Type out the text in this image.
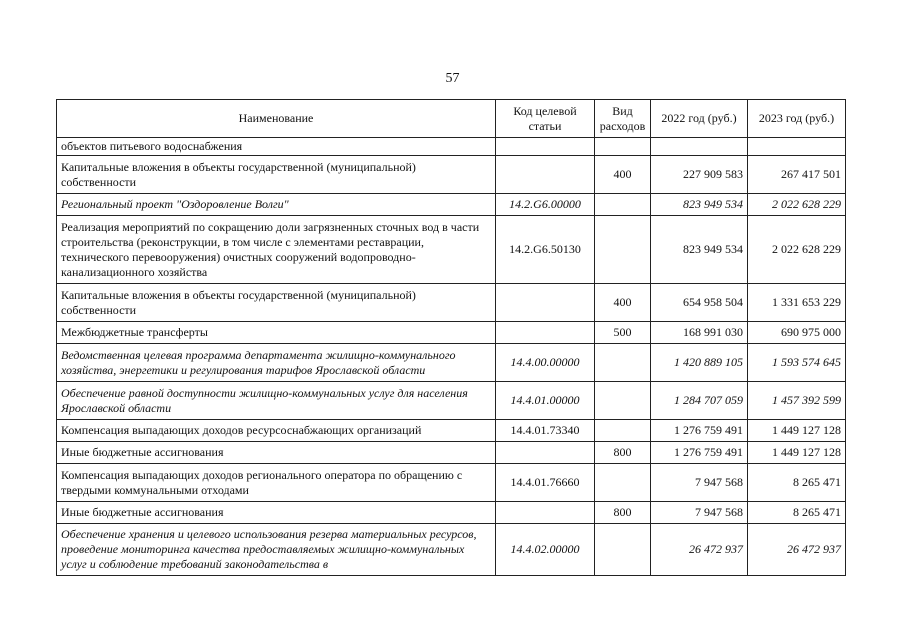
57
Наименование	Код целевой статьи	Вид расходов	2022 год (руб.)	2023 год (руб.)
объектов питьевого водоснабжения				
Капитальные вложения в объекты государственной (муниципальной) собственности		400	227 909 583	267 417 501
Региональный проект "Оздоровление Волги"	14.2.G6.00000		823 949 534	2 022 628 229
Реализация мероприятий по сокращению доли загрязненных сточных вод в части строительства (реконструкции, в том числе с элементами реставрации, технического перевооружения) очистных сооружений водопроводно-канализационного хозяйства	14.2.G6.50130		823 949 534	2 022 628 229
Капитальные вложения в объекты государственной (муниципальной) собственности		400	654 958 504	1 331 653 229
Межбюджетные трансферты		500	168 991 030	690 975 000
Ведомственная целевая программа департамента жилищно-коммунального хозяйства, энергетики и регулирования тарифов Ярославской области	14.4.00.00000		1 420 889 105	1 593 574 645
Обеспечение равной доступности жилищно-коммунальных услуг для населения Ярославской области	14.4.01.00000		1 284 707 059	1 457 392 599
Компенсация выпадающих доходов ресурсоснабжающих организаций	14.4.01.73340		1 276 759 491	1 449 127 128
Иные бюджетные ассигнования		800	1 276 759 491	1 449 127 128
Компенсация выпадающих доходов регионального оператора по обращению с твердыми коммунальными отходами	14.4.01.76660		7 947 568	8 265 471
Иные бюджетные ассигнования		800	7 947 568	8 265 471
Обеспечение хранения и целевого использования резерва материальных ресурсов, проведение мониторинга качества предоставляемых жилищно-коммунальных услуг и соблюдение требований законодательства в	14.4.02.00000		26 472 937	26 472 937
